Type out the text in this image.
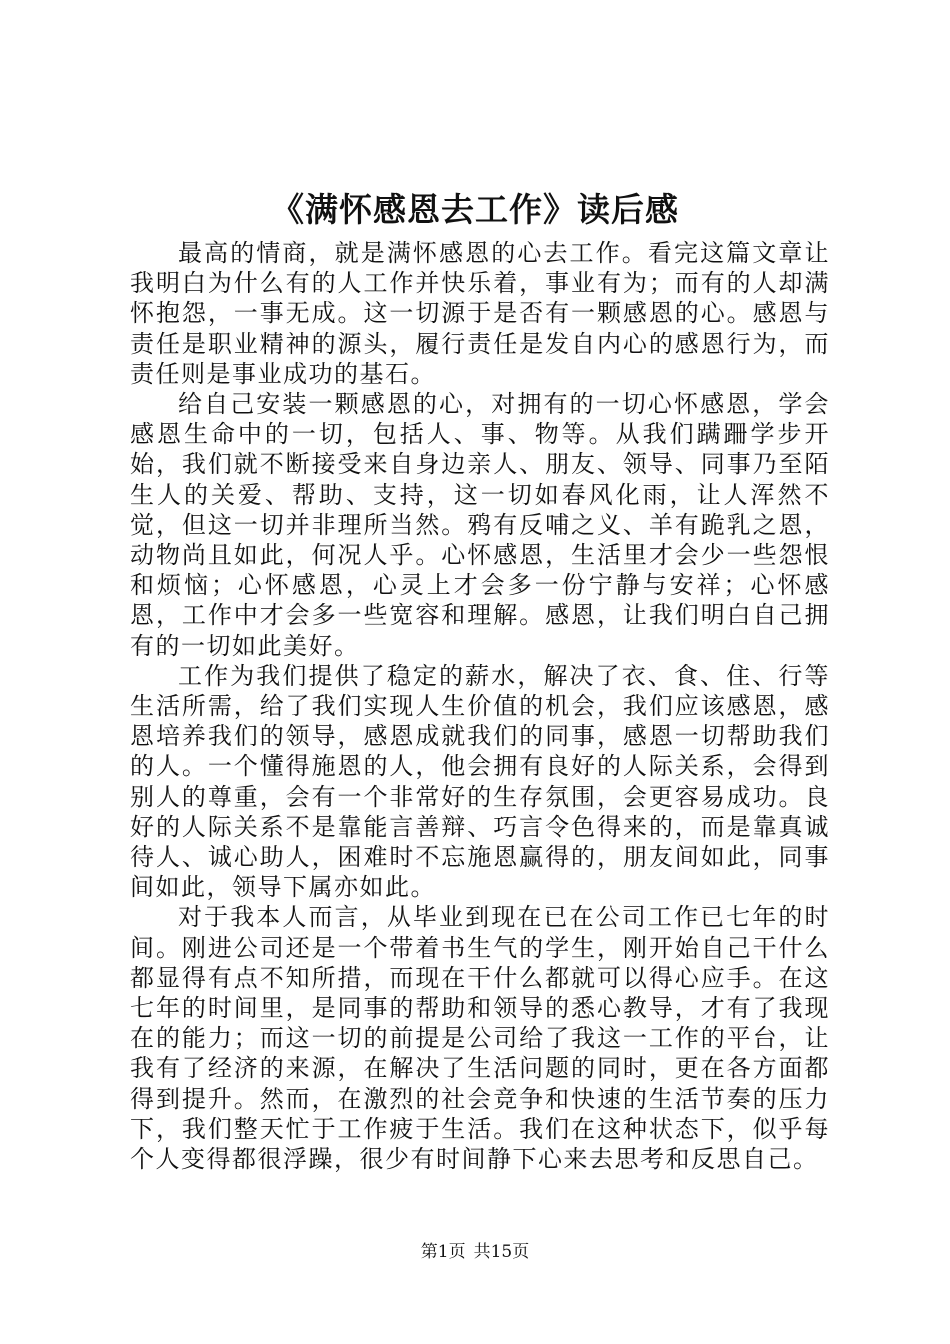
《满怀感恩去工作》读后感

最高的情商，就是满怀感恩的心去工作。看完这篇文章让我明白为什么有的人工作并快乐着，事业有为；而有的人却满怀抱怨，一事无成。这一切源于是否有一颗感恩的心。感恩与责任是职业精神的源头，履行责任是发自内心的感恩行为，而责任则是事业成功的基石。

给自己安装一颗感恩的心，对拥有的一切心怀感恩，学会感恩生命中的一切，包括人、事、物等。从我们蹒跚学步开始，我们就不断接受来自身边亲人、朋友、领导、同事乃至陌生人的关爱、帮助、支持，这一切如春风化雨，让人浑然不觉，但这一切并非理所当然。鸦有反哺之义、羊有跪乳之恩，动物尚且如此，何况人乎。心怀感恩，生活里才会少一些怨恨和烦恼；心怀感恩，心灵上才会多一份宁静与安祥；心怀感恩，工作中才会多一些宽容和理解。感恩，让我们明白自己拥有的一切如此美好。

工作为我们提供了稳定的薪水，解决了衣、食、住、行等生活所需，给了我们实现人生价值的机会，我们应该感恩，感恩培养我们的领导，感恩成就我们的同事，感恩一切帮助我们的人。一个懂得施恩的人，他会拥有良好的人际关系，会得到别人的尊重，会有一个非常好的生存氛围，会更容易成功。良好的人际关系不是靠能言善辩、巧言令色得来的，而是靠真诚待人、诚心助人，困难时不忘施恩赢得的，朋友间如此，同事间如此，领导下属亦如此。

对于我本人而言，从毕业到现在已在公司工作已七年的时间。刚进公司还是一个带着书生气的学生，刚开始自己干什么都显得有点不知所措，而现在干什么都就可以得心应手。在这七年的时间里，是同事的帮助和领导的悉心教导，才有了我现在的能力；而这一切的前提是公司给了我这一工作的平台，让我有了经济的来源，在解决了生活问题的同时，更在各方面都得到提升。然而，在激烈的社会竞争和快速的生活节奏的压力下，我们整天忙于工作疲于生活。我们在这种状态下，似乎每个人变得都很浮躁，很少有时间静下心来去思考和反思自己。

第1页 共15页
